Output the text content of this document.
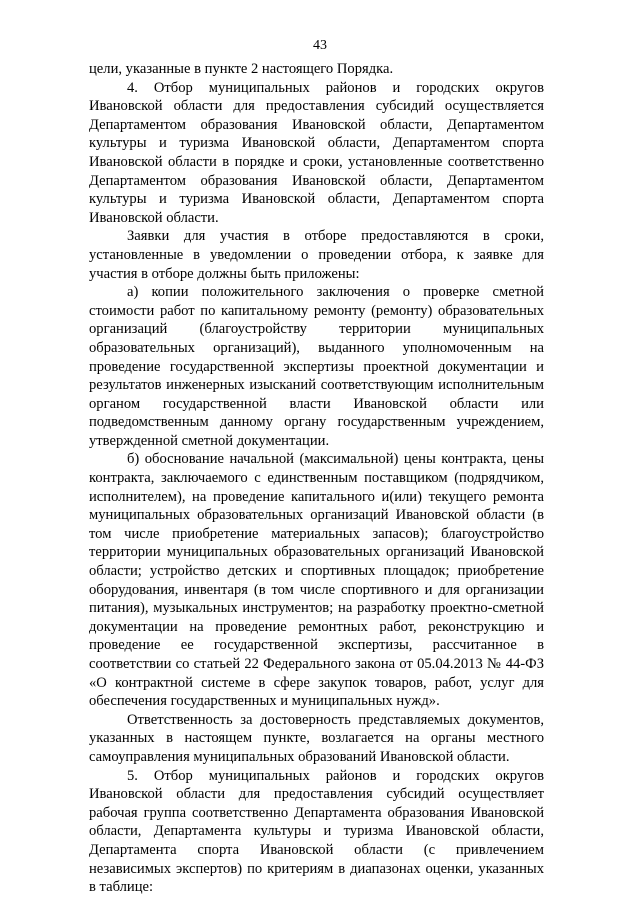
43

цели, указанные в пункте 2 настоящего Порядка.

4. Отбор муниципальных районов и городских округов Ивановской области для предоставления субсидий осуществляется Департаментом образования Ивановской области, Департаментом культуры и туризма Ивановской области, Департаментом спорта Ивановской области в порядке и сроки, установленные соответственно Департаментом образования Ивановской области, Департаментом культуры и туризма Ивановской области, Департаментом спорта Ивановской области.

Заявки для участия в отборе предоставляются в сроки, установленные в уведомлении о проведении отбора, к заявке для участия в отборе должны быть приложены:

а) копии положительного заключения о проверке сметной стоимости работ по капитальному ремонту (ремонту) образовательных организаций (благоустройству территории муниципальных образовательных организаций), выданного уполномоченным на проведение государственной экспертизы проектной документации и результатов инженерных изысканий соответствующим исполнительным органом государственной власти Ивановской области или подведомственным данному органу государственным учреждением, утвержденной сметной документации.

б) обоснование начальной (максимальной) цены контракта, цены контракта, заключаемого с единственным поставщиком (подрядчиком, исполнителем), на проведение капитального и(или) текущего ремонта муниципальных образовательных организаций Ивановской области (в том числе приобретение материальных запасов); благоустройство территории муниципальных образовательных организаций Ивановской области; устройство детских и спортивных площадок; приобретение оборудования, инвентаря (в том числе спортивного и для организации питания), музыкальных инструментов; на разработку проектно-сметной документации на проведение ремонтных работ, реконструкцию и проведение ее государственной экспертизы, рассчитанное в соответствии со статьей 22 Федерального закона от 05.04.2013 № 44-ФЗ «О контрактной системе в сфере закупок товаров, работ, услуг для обеспечения государственных и муниципальных нужд».

Ответственность за достоверность представляемых документов, указанных в настоящем пункте, возлагается на органы местного самоуправления муниципальных образований Ивановской области.

5. Отбор муниципальных районов и городских округов Ивановской области для предоставления субсидий осуществляет рабочая группа соответственно Департамента образования Ивановской области, Департамента культуры и туризма Ивановской области, Департамента спорта Ивановской области (с привлечением независимых экспертов) по критериям в диапазонах оценки, указанных в таблице:
